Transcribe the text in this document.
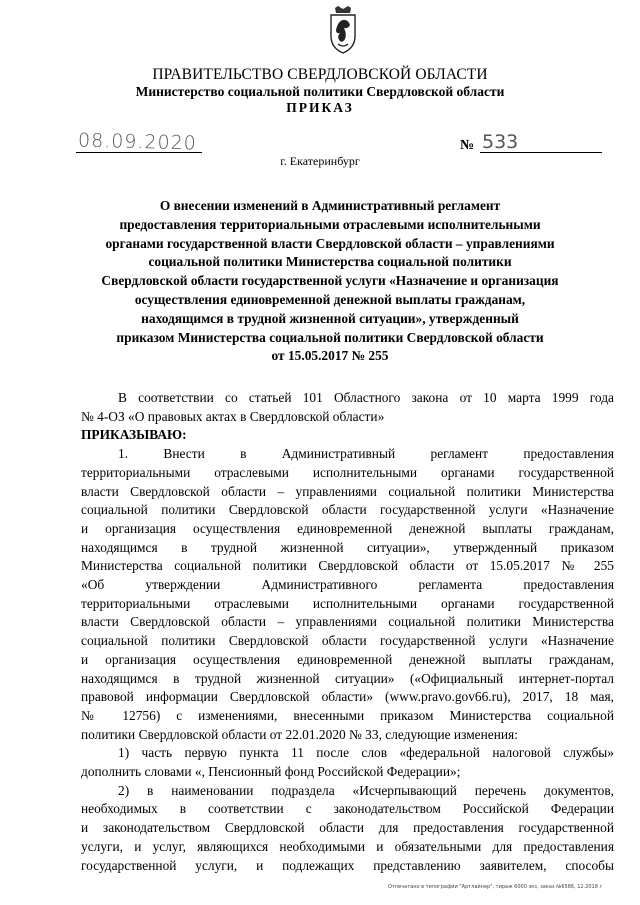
ПРАВИТЕЛЬСТВО СВЕРДЛОВСКОЙ ОБЛАСТИ
Министерство социальной политики Свердловской области
ПРИКАЗ
08.09.2020	№ 533
г. Екатеринбург
О внесении изменений в Административный регламент
предоставления территориальными отраслевыми исполнительными
органами государственной власти Свердловской области – управлениями
социальной политики Министерства социальной политики
Свердловской области государственной услуги «Назначение и организация
осуществления единовременной денежной выплаты гражданам,
находящимся в трудной жизненной ситуации», утвержденный
приказом Министерства социальной политики Свердловской области
от 15.05.2017 № 255
В соответствии со статьей 101 Областного закона от 10 марта 1999 года
№ 4-ОЗ «О правовых актах в Свердловской области»
ПРИКАЗЫВАЮ:
1. Внести в Административный регламент предоставления
территориальными отраслевыми исполнительными органами государственной
власти Свердловской области – управлениями социальной политики Министерства
социальной политики Свердловской области государственной услуги «Назначение
и организация осуществления единовременной денежной выплаты гражданам,
находящимся в трудной жизненной ситуации», утвержденный приказом
Министерства социальной политики Свердловской области от 15.05.2017 № 255
«Об утверждении Административного регламента предоставления
территориальными отраслевыми исполнительными органами государственной
власти Свердловской области – управлениями социальной политики Министерства
социальной политики Свердловской области государственной услуги «Назначение
и организация осуществления единовременной денежной выплаты гражданам,
находящимся в трудной жизненной ситуации» («Официальный интернет-портал
правовой информации Свердловской области» (www.pravo.gov66.ru), 2017, 18 мая,
№ 12756) с изменениями, внесенными приказом Министерства социальной
политики Свердловской области от 22.01.2020 № 33, следующие изменения:
1) часть первую пункта 11 после слов «федеральной налоговой службы»
дополнить словами «, Пенсионный фонд Российской Федерации»;
2) в наименовании подраздела «Исчерпывающий перечень документов,
необходимых в соответствии с законодательством Российской Федерации
и законодательством Свердловской области для предоставления государственной
услуги, и услуг, являющихся необходимыми и обязательными для предоставления
государственной услуги, и подлежащих представлению заявителем, способы
Отпечатано в типографии "Артлайнер", тираж 6000 экз, заказ №6586, 12.2018 г
